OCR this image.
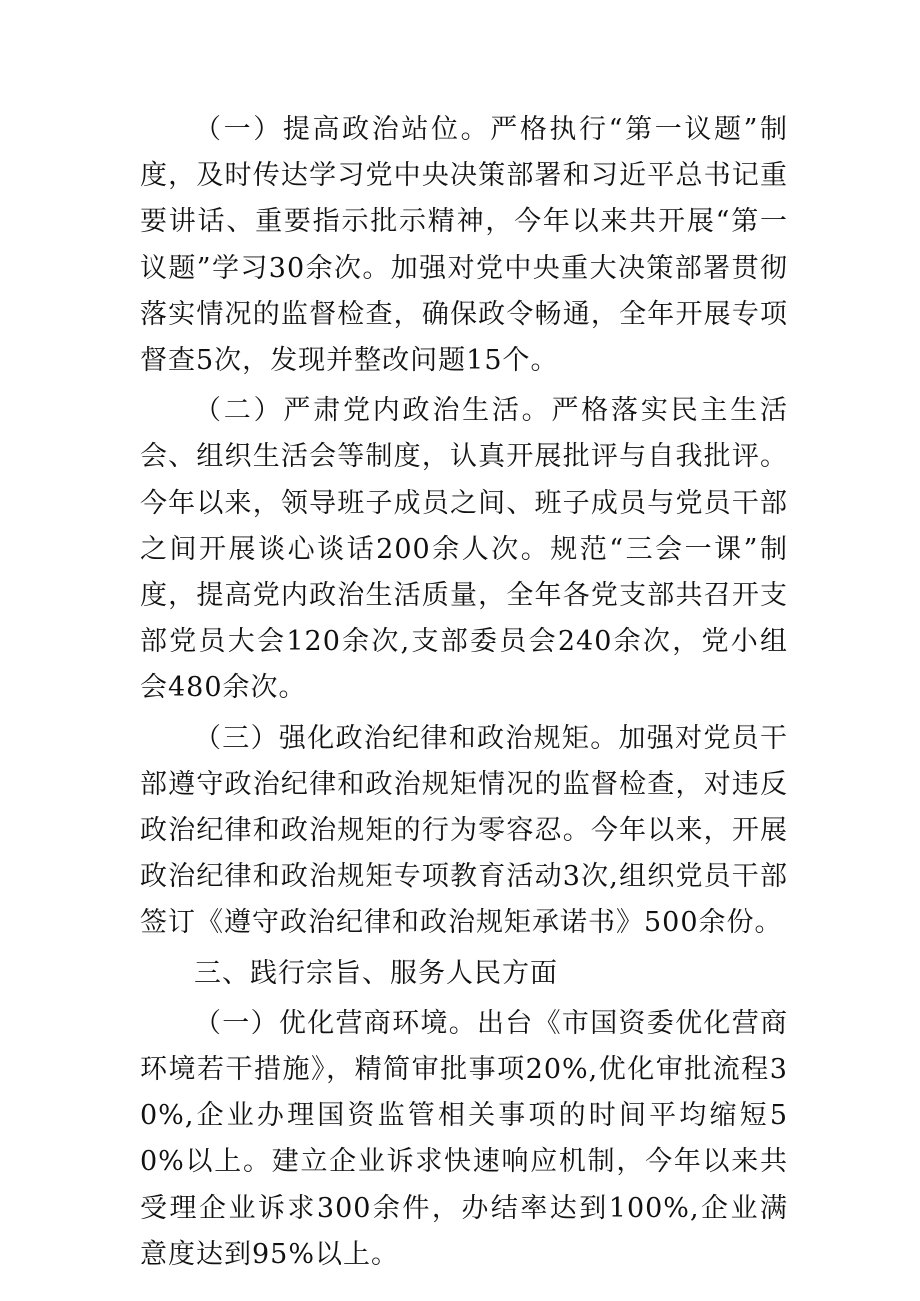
（一）提高政治站位。严格执行“第一议题”制度，及时传达学习党中央决策部署和习近平总书记重要讲话、重要指示批示精神，今年以来共开展“第一议题”学习30余次。加强对党中央重大决策部署贯彻落实情况的监督检查，确保政令畅通，全年开展专项督查5次，发现并整改问题15个。

（二）严肃党内政治生活。严格落实民主生活会、组织生活会等制度，认真开展批评与自我批评。今年以来，领导班子成员之间、班子成员与党员干部之间开展谈心谈话200余人次。规范“三会一课”制度，提高党内政治生活质量，全年各党支部共召开支部党员大会120余次,支部委员会240余次，党小组会480余次。

（三）强化政治纪律和政治规矩。加强对党员干部遵守政治纪律和政治规矩情况的监督检查，对违反政治纪律和政治规矩的行为零容忍。今年以来，开展政治纪律和政治规矩专项教育活动3次,组织党员干部签订《遵守政治纪律和政治规矩承诺书》500余份。

三、践行宗旨、服务人民方面

（一）优化营商环境。出台《市国资委优化营商环境若干措施》，精简审批事项20%,优化审批流程30%,企业办理国资监管相关事项的时间平均缩短50%以上。建立企业诉求快速响应机制，今年以来共受理企业诉求300余件，办结率达到100%,企业满意度达到95%以上。
